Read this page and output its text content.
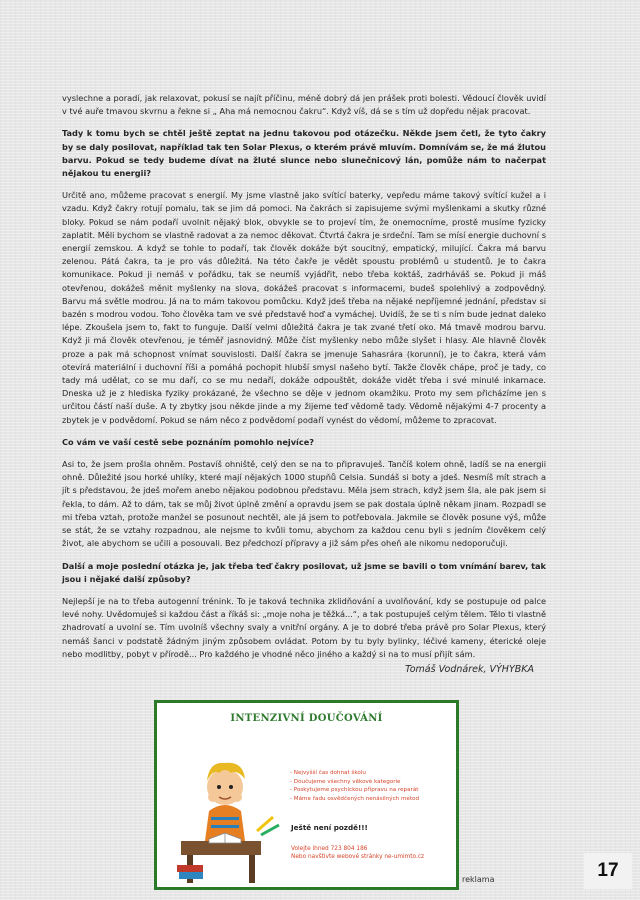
vyslechne a poradí, jak relaxovat, pokusí se najít příčinu, méně dobrý dá jen prášek proti bolesti. Vědoucí člověk uvidí v tvé auře tmavou skvrnu a řekne si „ Aha má nemocnou čakru“. Když víš, dá se s tím už dopředu nějak pracovat.

Tady k tomu bych se chtěl ještě zeptat na jednu takovou pod otázečku. Někde jsem četl, že tyto čakry by se daly posilovat, například tak ten Solar Plexus, o kterém právě mluvím. Domnívám se, že má žlutou barvu. Pokud se tedy budeme dívat na žluté slunce nebo slunečnicový lán, pomůže nám to načerpat nějakou tu energii?

Určitě ano, můžeme pracovat s energií. My jsme vlastně jako svítící baterky, vepředu máme takový svítící kužel a i vzadu. Když čakry rotují pomalu, tak se jim dá pomoci. Na čakrách si zapisujeme svými myšlenkami a skutky různé bloky. Pokud se nám podaří uvolnit nějaký blok, obvykle se to projeví tím, že onemocníme, prostě musíme fyzicky zaplatit. Měli bychom se vlastně radovat a za nemoc děkovat. Čtvrtá čakra je srdeční. Tam se mísí energie duchovní s energií zemskou. A když se tohle to podaří, tak člověk dokáže být soucitný, empatický, milující. Čakra má barvu zelenou. Pátá čakra, ta je pro vás důležitá. Na této čakře je vědět spoustu problémů u studentů. Je to čakra komunikace. Pokud ji nemáš v pořádku, tak se neumíš vyjádřit, nebo třeba koktáš, zadrháváš se. Pokud ji máš otevřenou, dokážeš měnit myšlenky na slova, dokážeš pracovat s informacemi, budeš spolehlivý a zodpovědný. Barvu má světle modrou. Já na to mám takovou pomůcku. Když jdeš třeba na nějaké nepříjemné jednání, představ si bazén s modrou vodou. Toho člověka tam ve své představě hoď a vymáchej. Uvidíš, že se ti s ním bude jednat daleko lépe. Zkoušela jsem to, fakt to funguje. Další velmi důležitá čakra je tak zvané třetí oko. Má tmavě modrou barvu. Když ji má člověk otevřenou, je téměř jasnovidný. Může číst myšlenky nebo může slyšet i hlasy. Ale hlavně člověk proze a pak má schopnost vnímat souvislosti. Další čakra se jmenuje Sahasrára (korunní), je to čakra, která vám otevírá materiální i duchovní říši a pomáhá pochopit hlubší smysl našeho bytí. Takže člověk chápe, proč je tady, co tady má udělat, co se mu daří, co se mu nedaří, dokáže odpouštět, dokáže vidět třeba i své minulé inkarnace. Dneska už je z hlediska fyziky prokázané, že všechno se děje v jednom okamžiku. Proto my sem přicházíme jen s určitou částí naší duše. A ty zbytky jsou někde jinde a my žijeme teď vědomě tady. Vědomě nějakými 4-7 procenty a zbytek je v podvědomí. Pokud se nám něco z podvědomí podaří vynést do vědomí, můžeme to zpracovat.

Co vám ve vaší cestě sebe poznáním pomohlo nejvíce?

Asi to, že jsem prošla ohněm. Postavíš ohniště, celý den se na to připravuješ. Tančíš kolem ohně, ladíš se na energii ohně. Důležité jsou horké uhlíky, které mají nějakých 1000 stupňů Celsia. Sundáš si boty a jdeš. Nesmíš mít strach a jít s představou, že jdeš mořem anebo nějakou podobnou představu. Měla jsem strach, když jsem šla, ale pak jsem si řekla, to dám. Až to dám, tak se můj život úplně změní a opravdu jsem se pak dostala úplně někam jinam. Rozpadl se mi třeba vztah, protože manžel se posunout nechtěl, ale já jsem to potřebovala. Jakmile se člověk posune výš, může se stát, že se vztahy rozpadnou, ale nejsme to kvůli tomu, abychom za každou cenu byli s jedním člověkem celý život, ale abychom se učili a posouvali. Bez předchozí přípravy a již sám přes oheň ale nikomu nedoporučuji.

Další a moje poslední otázka je, jak třeba teď čakry posilovat, už jsme se bavili o tom vnímání barev, tak jsou i nějaké další způsoby?

Nejlepší je na to třeba autogenní trénink. To je taková technika zklidňování a uvolňování, kdy se postupuje od palce levé nohy. Uvědomuješ si každou část a říkáš si: „moje noha je těžká...“, a tak postupuješ celým tělem. Tělo ti vlastně zhadrovatí a uvolní se. Tím uvolníš všechny svaly a vnitřní orgány. A je to dobré třeba právě pro Solar Plexus, který nemáš šanci v podstatě žádným jiným způsobem ovládat. Potom by tu byly bylinky, léčivé kameny, éterické oleje nebo modlitby, pobyt v přírodě... Pro každého je vhodné něco jiného a každý si na to musí přijít sám.

Tomáš Vodnárek, VÝHYBKA
INTENZIVNÍ DOUČOVÁNÍ
- Nejvyšší čas dohnat školu
- Doučujeme všechny věkové kategorie
- Poskytujeme psychickou přípravu na reparát
- Máme řadu osvědčených nenásilných metod
Ještě není pozdě!!!
Volejte ihned 723 804 186
Nebo navštivte webové stránky ne-umimto.cz
reklama	17
